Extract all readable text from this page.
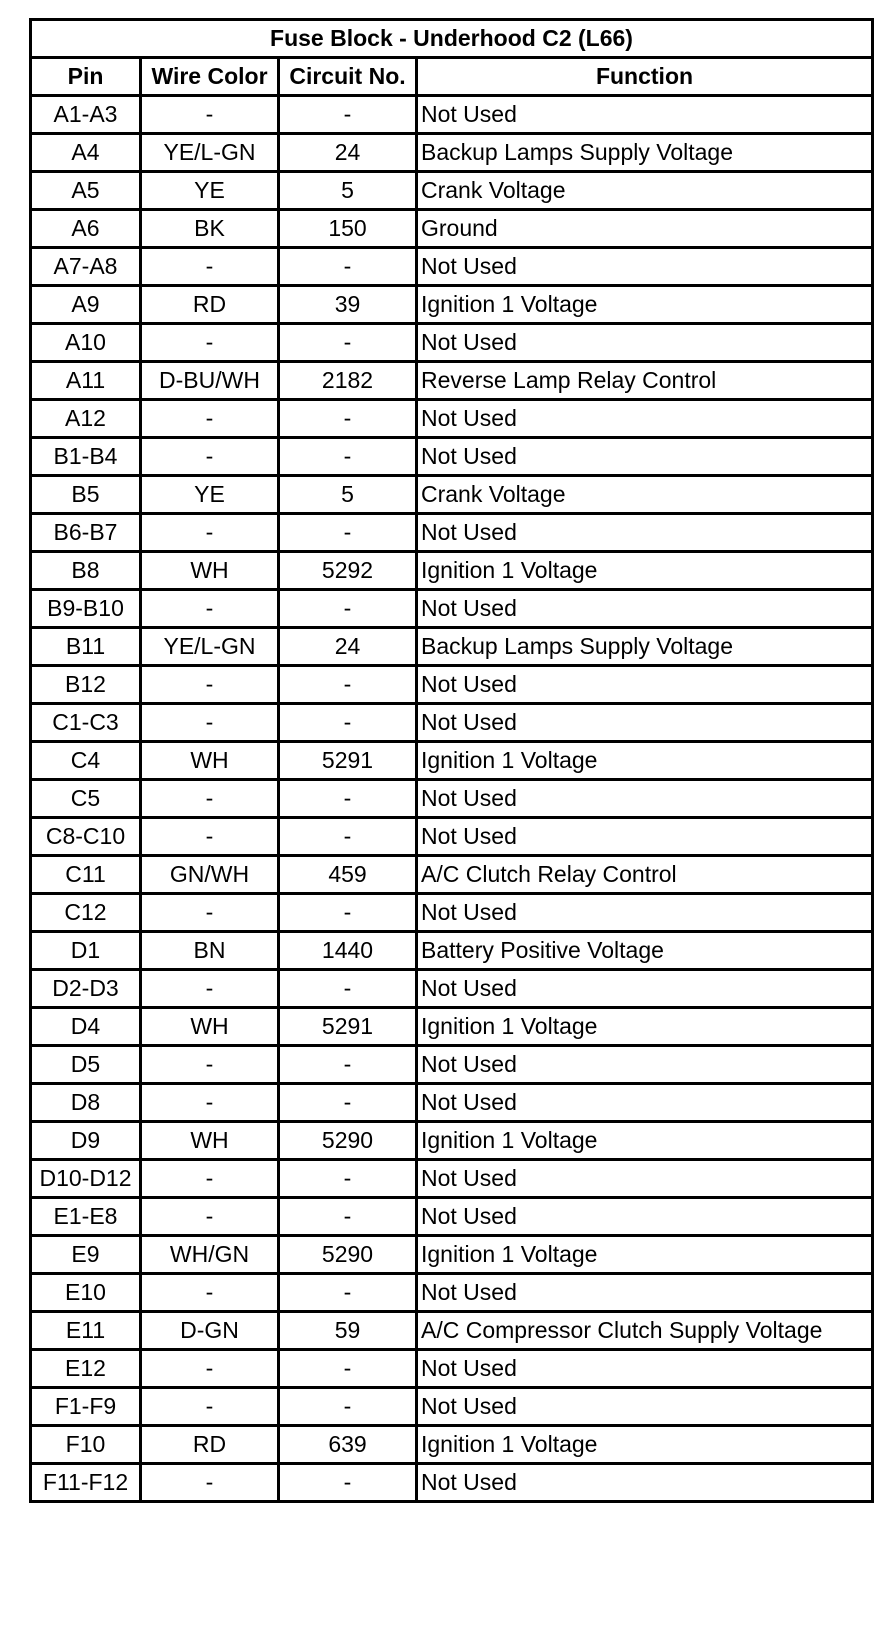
Fuse Block - Underhood C2 (L66)			
Pin	Wire Color	Circuit No.	Function
A1-A3	-	-	Not Used
A4	YE/L-GN	24	Backup Lamps Supply Voltage
A5	YE	5	Crank Voltage
A6	BK	150	Ground
A7-A8	-	-	Not Used
A9	RD	39	Ignition 1 Voltage
A10	-	-	Not Used
A11	D-BU/WH	2182	Reverse Lamp Relay Control
A12	-	-	Not Used
B1-B4	-	-	Not Used
B5	YE	5	Crank Voltage
B6-B7	-	-	Not Used
B8	WH	5292	Ignition 1 Voltage
B9-B10	-	-	Not Used
B11	YE/L-GN	24	Backup Lamps Supply Voltage
B12	-	-	Not Used
C1-C3	-	-	Not Used
C4	WH	5291	Ignition 1 Voltage
C5	-	-	Not Used
C8-C10	-	-	Not Used
C11	GN/WH	459	A/C Clutch Relay Control
C12	-	-	Not Used
D1	BN	1440	Battery Positive Voltage
D2-D3	-	-	Not Used
D4	WH	5291	Ignition 1 Voltage
D5	-	-	Not Used
D8	-	-	Not Used
D9	WH	5290	Ignition 1 Voltage
D10-D12	-	-	Not Used
E1-E8	-	-	Not Used
E9	WH/GN	5290	Ignition 1 Voltage
E10	-	-	Not Used
E11	D-GN	59	A/C Compressor Clutch Supply Voltage
E12	-	-	Not Used
F1-F9	-	-	Not Used
F10	RD	639	Ignition 1 Voltage
F11-F12	-	-	Not Used
